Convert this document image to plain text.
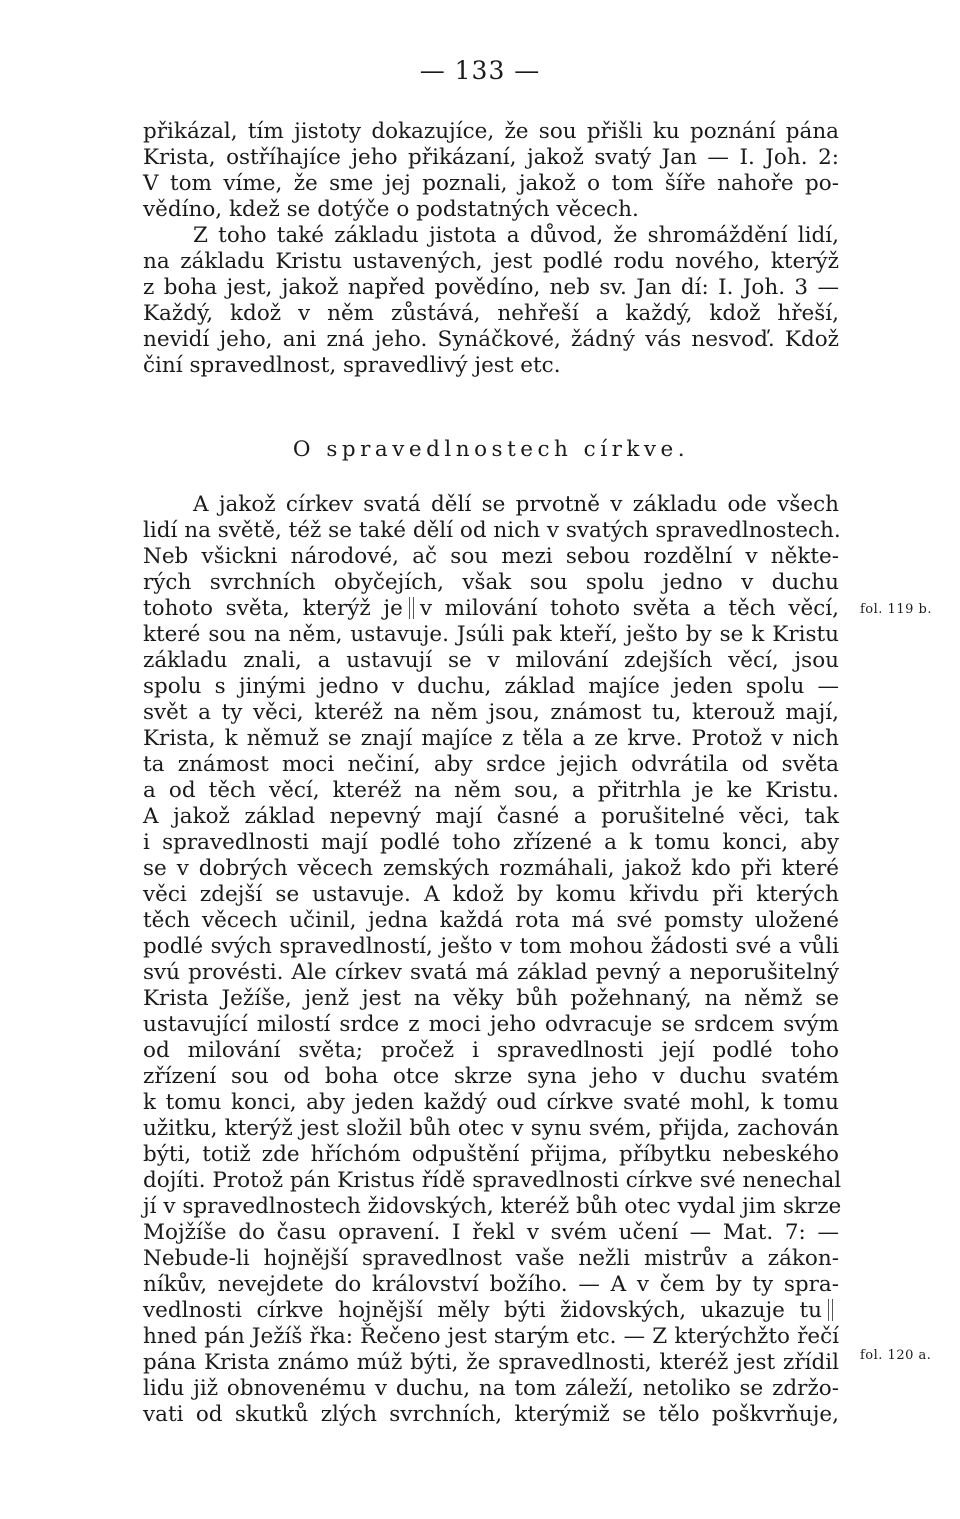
— 133 —
přikázal, tím jistoty dokazujíce, že sou přišli ku poznání pána
Krista, ostříhajíce jeho přikázaní, jakož svatý Jan — I. Joh. 2:
V tom víme, že sme jej poznali, jakož o tom šíře nahoře po-
vědíno, kdež se dotýče o podstatných věcech.
Z toho také základu jistota a důvod, že shromáždění lidí,
na základu Kristu ustavených, jest podlé rodu nového, kterýž
z boha jest, jakož napřed povědíno, neb sv. Jan dí: I. Joh. 3 —
Každý, kdož v něm zůstává, nehřeší a každý, kdož hřeší,
nevidí jeho, ani zná jeho. Synáčkové, žádný vás nesvoď. Kdož
činí spravedlnost, spravedlivý jest etc.
O spravedlnostech církve.
A jakož církev svatá dělí se prvotně v základu ode všech
lidí na světě, též se také dělí od nich v svatých spravedlnostech.
Neb všickni národové, ač sou mezi sebou rozdělní v někte-
rých svrchních obyčejích, však sou spolu jedno v duchu
tohoto světa, kterýž je v milování tohoto světa a těch věcí,
které sou na něm, ustavuje. Jsúli pak kteří, ješto by se k Kristu
základu znali, a ustavují se v milování zdejších věcí, jsou
spolu s jinými jedno v duchu, základ majíce jeden spolu —
svět a ty věci, kteréž na něm jsou, známost tu, kterouž mají,
Krista, k němuž se znají majíce z těla a ze krve. Protož v nich
ta známost moci nečiní, aby srdce jejich odvrátila od světa
a od těch věcí, kteréž na něm sou, a přitrhla je ke Kristu.
A jakož základ nepevný mají časné a porušitelné věci, tak
i spravedlnosti mají podlé toho zřízené a k tomu konci, aby
se v dobrých věcech zemských rozmáhali, jakož kdo při které
věci zdejší se ustavuje. A kdož by komu křivdu při kterých
těch věcech učinil, jedna každá rota má své pomsty uložené
podlé svých spravedlností, ješto v tom mohou žádosti své a vůli
svú provésti. Ale církev svatá má základ pevný a neporušitelný
Krista Ježíše, jenž jest na věky bůh požehnaný, na němž se
ustavující milostí srdce z moci jeho odvracuje se srdcem svým
od milování světa; pročež i spravedlnosti její podlé toho
zřízení sou od boha otce skrze syna jeho v duchu svatém
k tomu konci, aby jeden každý oud církve svaté mohl, k tomu
užitku, kterýž jest složil bůh otec v synu svém, přijda, zachován
býti, totiž zde hříchóm odpuštění přijma, příbytku nebeského
dojíti. Protož pán Kristus řídě spravedlnosti církve své nenechal
jí v spravedlnostech židovských, kteréž bůh otec vydal jim skrze
Mojžíše do času opravení. I řekl v svém učení — Mat. 7: —
Nebude-li hojnější spravedlnost vaše nežli mistrův a zákon-
níkův, nevejdete do království božího. — A v čem by ty spra-
vedlnosti církve hojnější měly býti židovských, ukazuje tu
hned pán Ježíš řka: Řečeno jest starým etc. — Z kterýchžto řečí
pána Krista známo múž býti, že spravedlnosti, kteréž jest zřídil
lidu již obnovenému v duchu, na tom záleží, netoliko se zdržo-
vati od skutků zlých svrchních, kterýmiž se tělo poškvrňuje,
fol. 119 b.
fol. 120 a.
